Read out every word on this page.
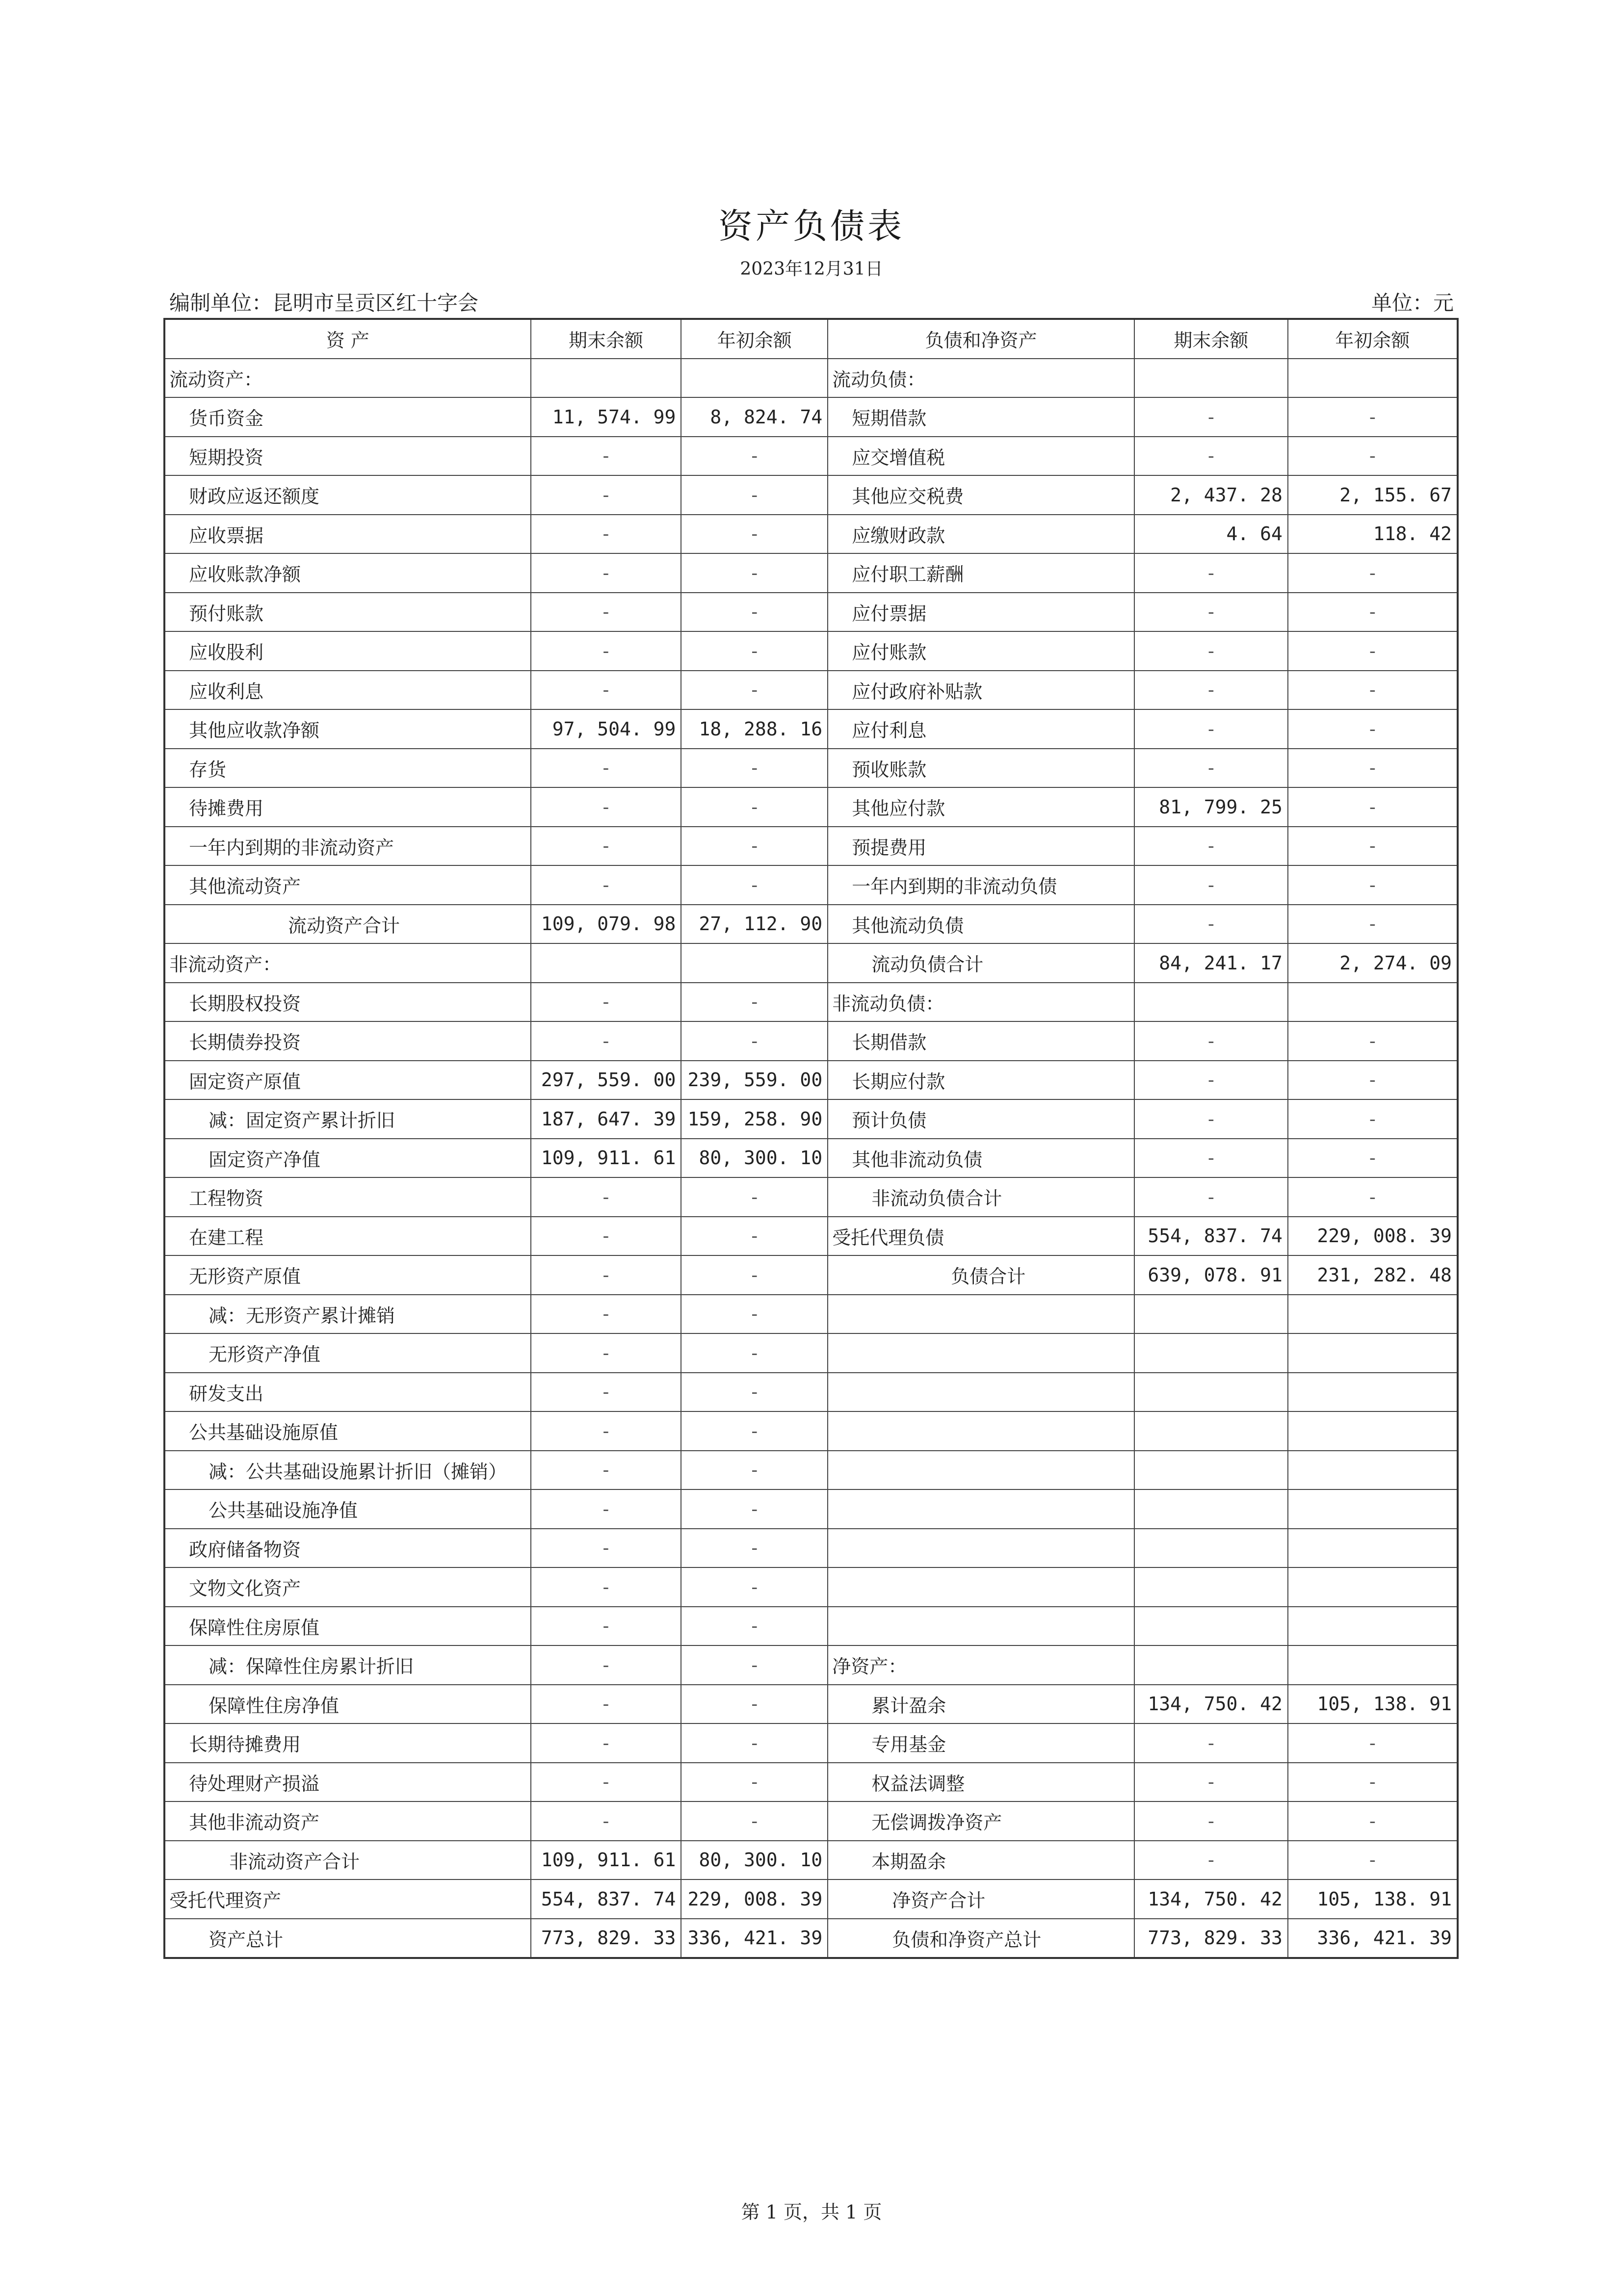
资产负债表
2023年12月31日
编制单位：昆明市呈贡区红十字会	单位：元
资 产	期末余额	年初余额	负债和净资产	期末余额	年初余额
流动资产：			流动负债：		
货币资金	11, 574. 99	8, 824. 74	短期借款	-	-
短期投资	-	-	应交增值税	-	-
财政应返还额度	-	-	其他应交税费	2, 437. 28	2, 155. 67
应收票据	-	-	应缴财政款	4. 64	118. 42
应收账款净额	-	-	应付职工薪酬	-	-
预付账款	-	-	应付票据	-	-
应收股利	-	-	应付账款	-	-
应收利息	-	-	应付政府补贴款	-	-
其他应收款净额	97, 504. 99	18, 288. 16	应付利息	-	-
存货	-	-	预收账款	-	-
待摊费用	-	-	其他应付款	81, 799. 25	-
一年内到期的非流动资产	-	-	预提费用	-	-
其他流动资产	-	-	一年内到期的非流动负债	-	-
流动资产合计	109, 079. 98	27, 112. 90	其他流动负债	-	-
非流动资产：			流动负债合计	84, 241. 17	2, 274. 09
长期股权投资	-	-	非流动负债：		
长期债券投资	-	-	长期借款	-	-
固定资产原值	297, 559. 00	239, 559. 00	长期应付款	-	-
减：固定资产累计折旧	187, 647. 39	159, 258. 90	预计负债	-	-
固定资产净值	109, 911. 61	80, 300. 10	其他非流动负债	-	-
工程物资	-	-	非流动负债合计	-	-
在建工程	-	-	受托代理负债	554, 837. 74	229, 008. 39
无形资产原值	-	-	负债合计	639, 078. 91	231, 282. 48
减：无形资产累计摊销	-	-			
无形资产净值	-	-			
研发支出	-	-			
公共基础设施原值	-	-			
减：公共基础设施累计折旧（摊销）	-	-			
公共基础设施净值	-	-			
政府储备物资	-	-			
文物文化资产	-	-			
保障性住房原值	-	-			
减：保障性住房累计折旧	-	-	净资产：		
保障性住房净值	-	-	累计盈余	134, 750. 42	105, 138. 91
长期待摊费用	-	-	专用基金	-	-
待处理财产损溢	-	-	权益法调整	-	-
其他非流动资产	-	-	无偿调拨净资产	-	-
非流动资产合计	109, 911. 61	80, 300. 10	本期盈余	-	-
受托代理资产	554, 837. 74	229, 008. 39	净资产合计	134, 750. 42	105, 138. 91
资产总计	773, 829. 33	336, 421. 39	负债和净资产总计	773, 829. 33	336, 421. 39
第 1 页，共 1 页
